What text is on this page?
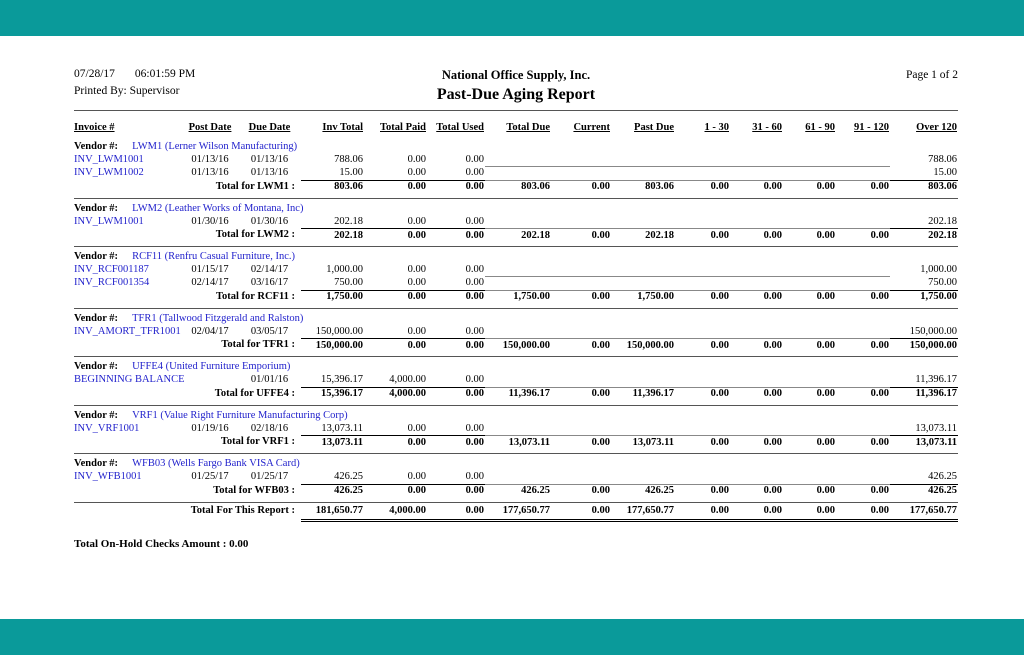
07/28/17 06:01:59 PM
Printed By: Supervisor
National Office Supply, Inc.
Past-Due Aging Report
Page 1 of 2
Invoice #	Post Date	Due Date	Inv Total	Total Paid	Total Used	Total Due	Current	Past Due	1 - 30	31 - 60	61 - 90	91 - 120	Over 120
Vendor #: LWM1 (Lerner Wilson Manufacturing)													
INV_LWM1001	01/13/16	01/13/16	788.06	0.00	0.00								788.06
INV_LWM1002	01/13/16	01/13/16	15.00	0.00	0.00								15.00
Total for LWM1 :			803.06	0.00	0.00	803.06	0.00	803.06	0.00	0.00	0.00	0.00	803.06

Vendor #: LWM2 (Leather Works of Montana, Inc)													
INV_LWM1001	01/30/16	01/30/16	202.18	0.00	0.00								202.18
Total for LWM2 :			202.18	0.00	0.00	202.18	0.00	202.18	0.00	0.00	0.00	0.00	202.18

Vendor #: RCF11 (Renfru Casual Furniture, Inc.)													
INV_RCF001187	01/15/17	02/14/17	1,000.00	0.00	0.00								1,000.00
INV_RCF001354	02/14/17	03/16/17	750.00	0.00	0.00								750.00
Total for RCF11 :			1,750.00	0.00	0.00	1,750.00	0.00	1,750.00	0.00	0.00	0.00	0.00	1,750.00

Vendor #: TFR1 (Tallwood Fitzgerald and Ralston)													
INV_AMORT_TFR1001	02/04/17	03/05/17	150,000.00	0.00	0.00								150,000.00
Total for TFR1 :			150,000.00	0.00	0.00	150,000.00	0.00	150,000.00	0.00	0.00	0.00	0.00	150,000.00

Vendor #: UFFE4 (United Furniture Emporium)													
BEGINNING BALANCE		01/01/16	15,396.17	4,000.00	0.00								11,396.17
Total for UFFE4 :			15,396.17	4,000.00	0.00	11,396.17	0.00	11,396.17	0.00	0.00	0.00	0.00	11,396.17

Vendor #: VRF1 (Value Right Furniture Manufacturing Corp)													
INV_VRF1001	01/19/16	02/18/16	13,073.11	0.00	0.00								13,073.11
Total for VRF1 :			13,073.11	0.00	0.00	13,073.11	0.00	13,073.11	0.00	0.00	0.00	0.00	13,073.11

Vendor #: WFB03 (Wells Fargo Bank VISA Card)													
INV_WFB1001	01/25/17	01/25/17	426.25	0.00	0.00								426.25
Total for WFB03 :			426.25	0.00	0.00	426.25	0.00	426.25	0.00	0.00	0.00	0.00	426.25

Total For This Report :			181,650.77	4,000.00	0.00	177,650.77	0.00	177,650.77	0.00	0.00	0.00	0.00	177,650.77
Total On-Hold Checks Amount : 0.00
